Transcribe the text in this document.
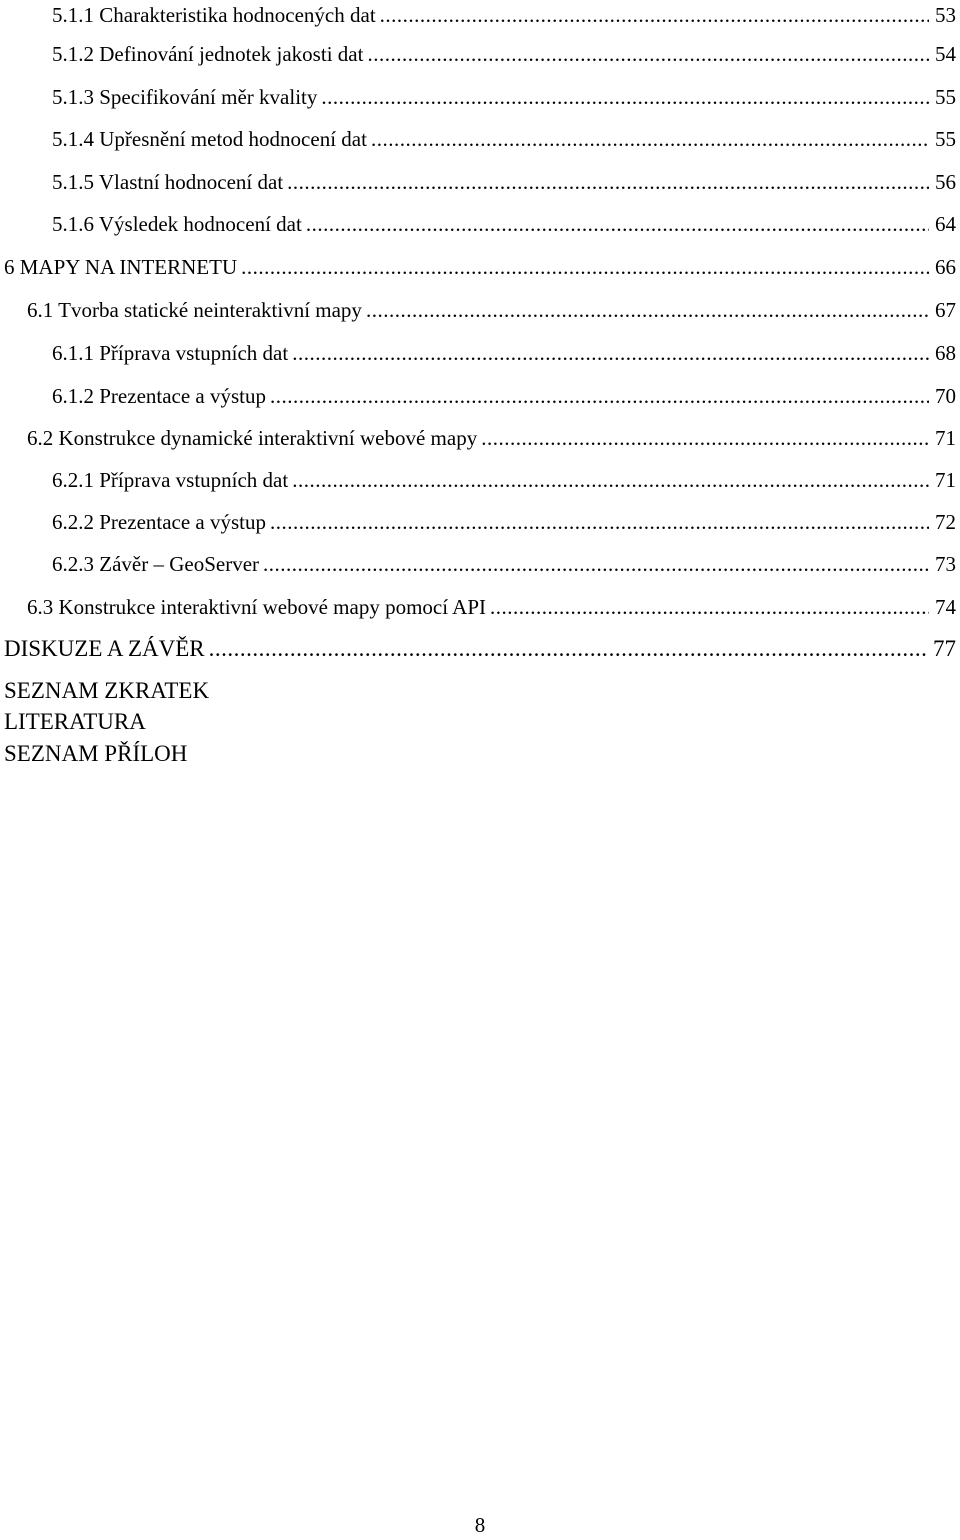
5.1.1 Charakteristika hodnocených dat .....	53
5.1.2 Definování jednotek jakosti dat .....	54
5.1.3 Specifikování měr kvality .....	55
5.1.4 Upřesnění metod hodnocení dat .....	55
5.1.5 Vlastní hodnocení dat .....	56
5.1.6 Výsledek hodnocení dat .....	64
6 MAPY NA INTERNETU .....	66
6.1 Tvorba statické neinteraktivní mapy .....	67
6.1.1 Příprava vstupních dat .....	68
6.1.2 Prezentace a výstup .....	70
6.2 Konstrukce dynamické interaktivní webové mapy .....	71
6.2.1 Příprava vstupních dat .....	71
6.2.2 Prezentace a výstup .....	72
6.2.3 Závěr – GeoServer .....	73
6.3 Konstrukce interaktivní webové mapy pomocí API .....	74
DISKUZE A ZÁVĚR .....	77
SEZNAM ZKRATEK
LITERATURA
SEZNAM PŘÍLOH
8
